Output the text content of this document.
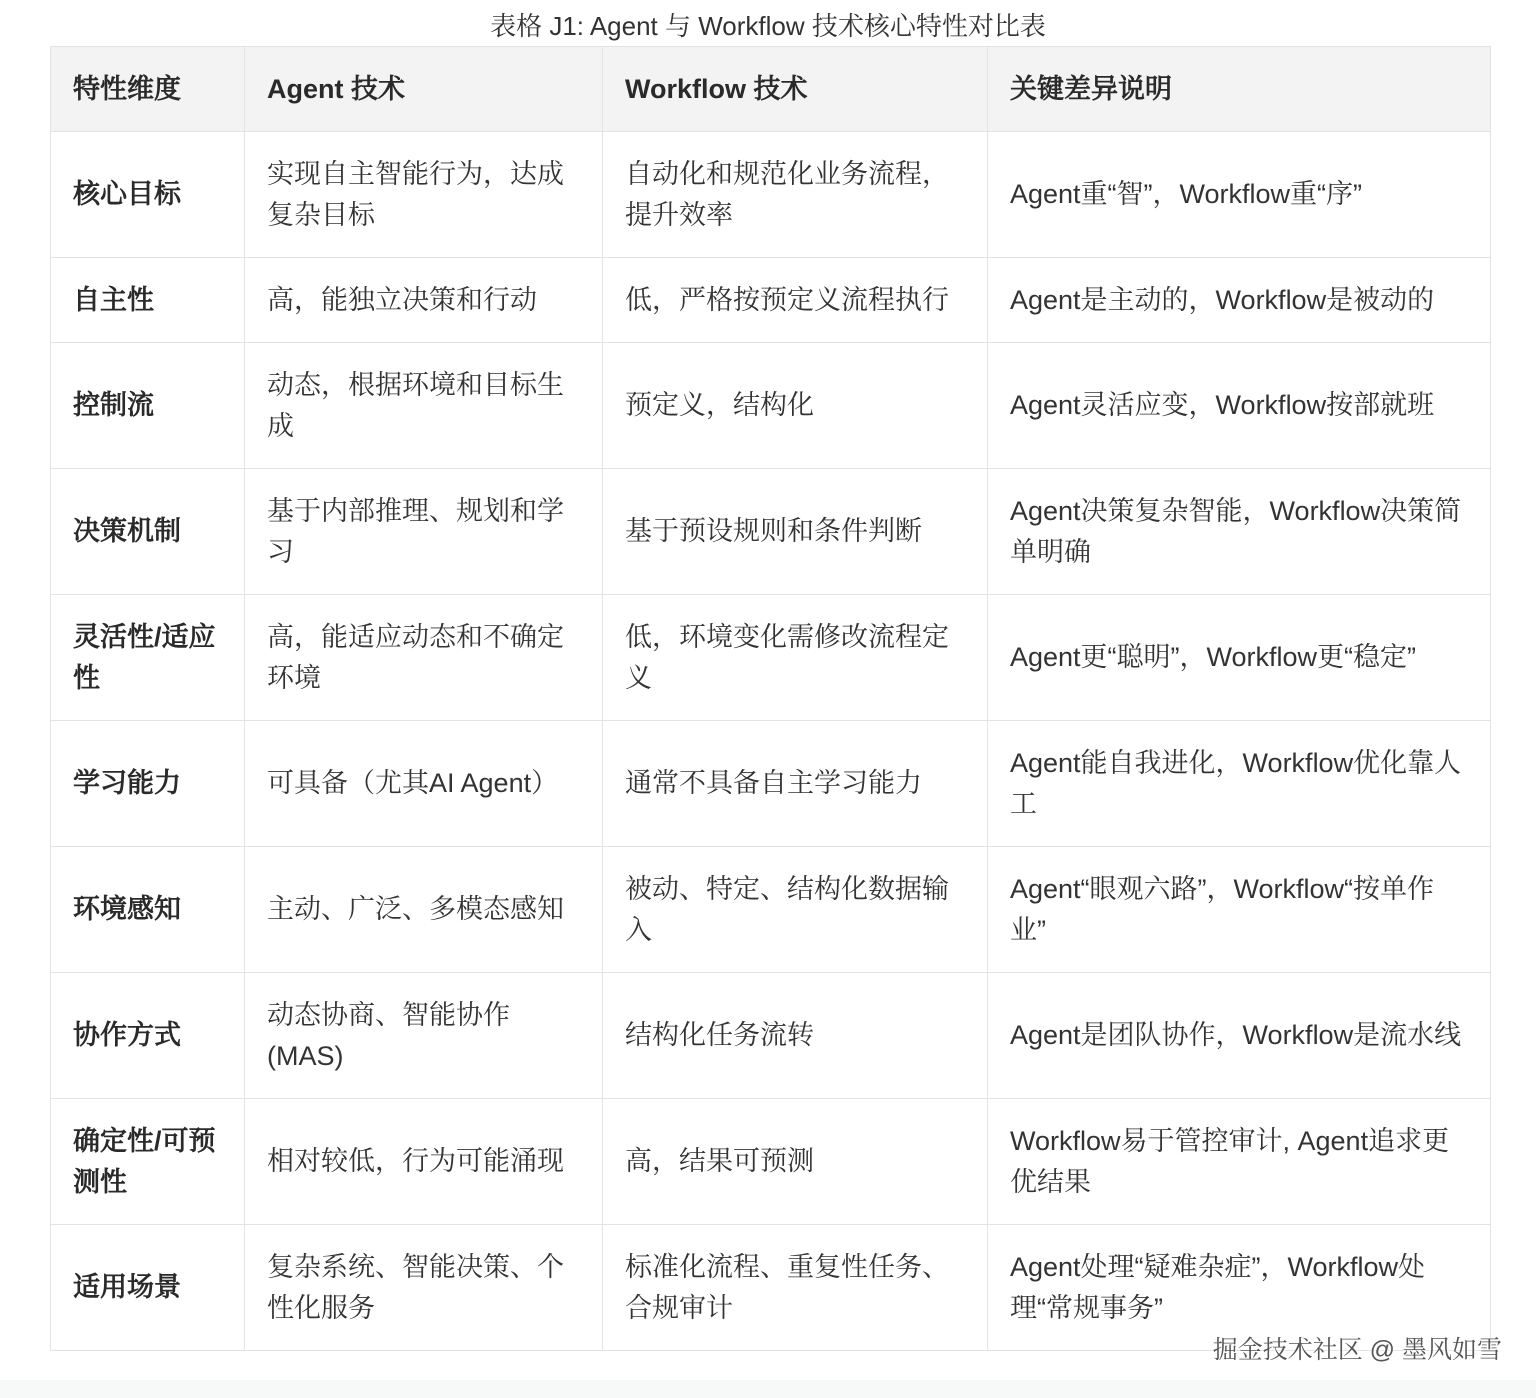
表格 J1: Agent 与 Workflow 技术核心特性对比表
特性维度	Agent 技术	Workflow 技术	关键差异说明
核心目标	实现自主智能行为，达成复杂目标	自动化和规范化业务流程，提升效率	Agent重“智”，Workflow重“序”
自主性	高，能独立决策和行动	低，严格按预定义流程执行	Agent是主动的，Workflow是被动的
控制流	动态，根据环境和目标生成	预定义，结构化	Agent灵活应变，Workflow按部就班
决策机制	基于内部推理、规划和学习	基于预设规则和条件判断	Agent决策复杂智能，Workflow决策简单明确
灵活性/适应性	高，能适应动态和不确定环境	低，环境变化需修改流程定义	Agent更“聪明”，Workflow更“稳定”
学习能力	可具备（尤其AI Agent）	通常不具备自主学习能力	Agent能自我进化，Workflow优化靠人工
环境感知	主动、广泛、多模态感知	被动、特定、结构化数据输入	Agent“眼观六路”，Workflow“按单作业”
协作方式	动态协商、智能协作 (MAS)	结构化任务流转	Agent是团队协作，Workflow是流水线
确定性/可预测性	相对较低，行为可能涌现	高，结果可预测	Workflow易于管控审计, Agent追求更优结果
适用场景	复杂系统、智能决策、个性化服务	标准化流程、重复性任务、合规审计	Agent处理“疑难杂症”，Workflow处理“常规事务”
掘金技术社区 @ 墨风如雪
